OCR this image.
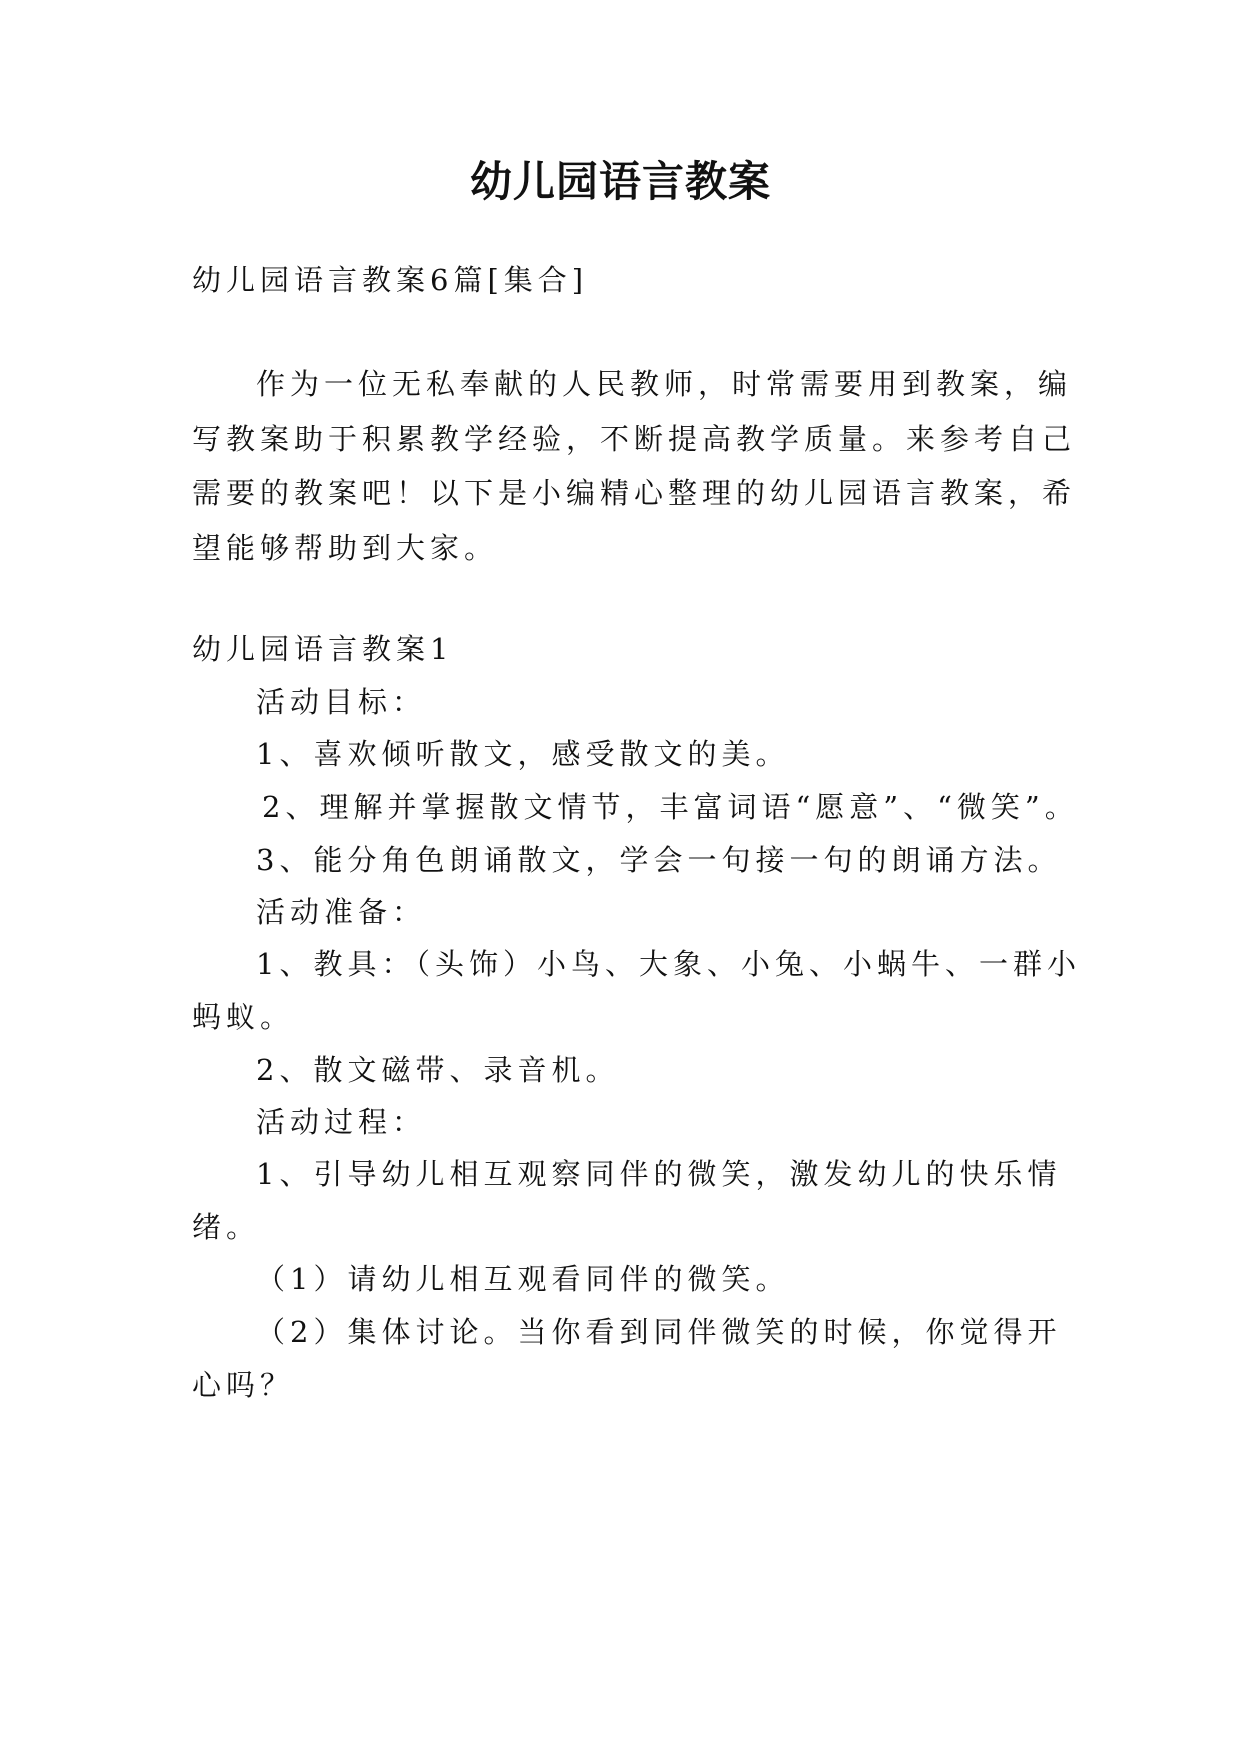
幼儿园语言教案
幼儿园语言教案6篇[集合]
作为一位无私奉献的人民教师，时常需要用到教案，编
写教案助于积累教学经验，不断提高教学质量。来参考自己
需要的教案吧！以下是小编精心整理的幼儿园语言教案，希
望能够帮助到大家。
幼儿园语言教案1
活动目标：
1、喜欢倾听散文，感受散文的美。
2、理解并掌握散文情节，丰富词语“愿意”、“微笑”。
3、能分角色朗诵散文，学会一句接一句的朗诵方法。
活动准备：
1、教具：（头饰）小鸟、大象、小兔、小蜗牛、一群小
蚂蚁。
2、散文磁带、录音机。
活动过程：
1、引导幼儿相互观察同伴的微笑，激发幼儿的快乐情
绪。
（1）请幼儿相互观看同伴的微笑。
（2）集体讨论。当你看到同伴微笑的时候，你觉得开
心吗？
